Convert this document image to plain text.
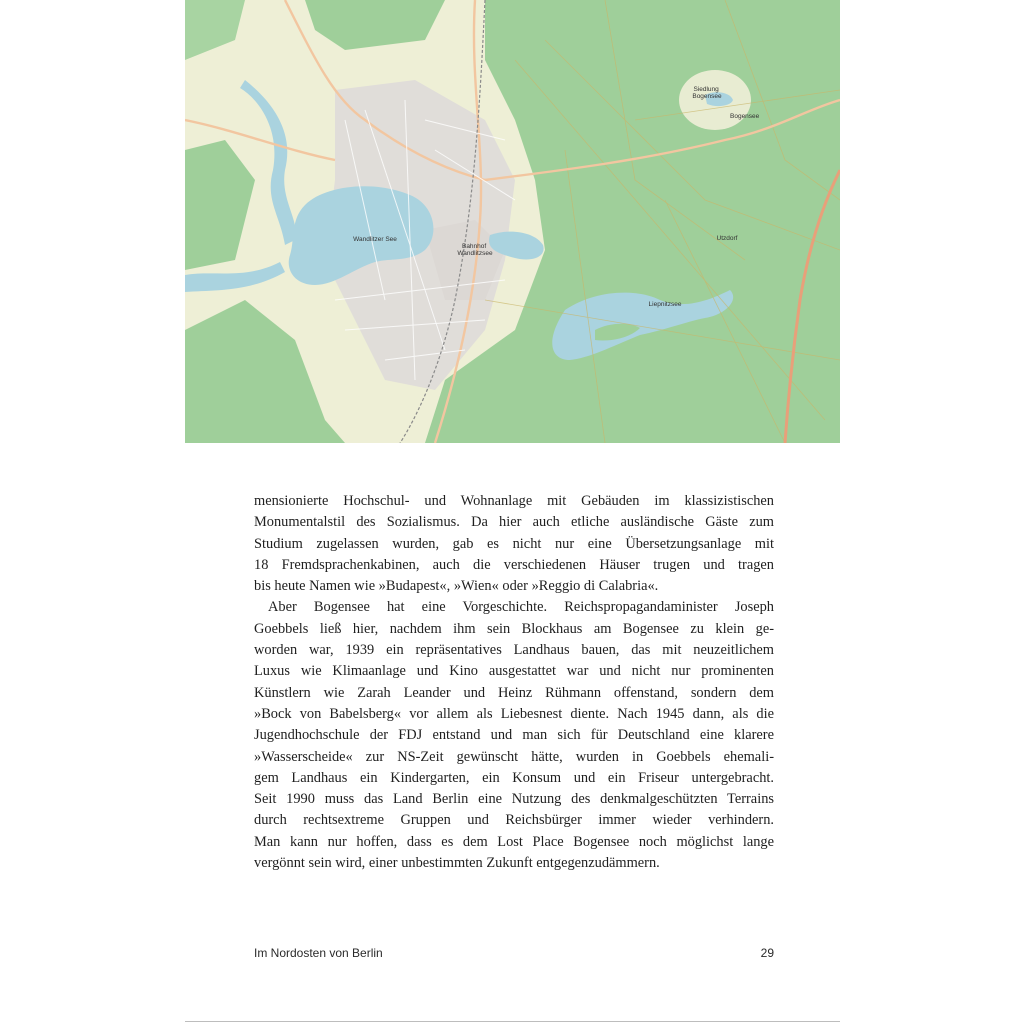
Siedlung Bogensee
Bogensee
Wandlitzer See
Bahnhof Wandlitzsee
Utzdorf
Liepnitzsee

mensionierte Hochschul- und Wohnanlage mit Gebäuden im klassizistischen

Monumentalstil des Sozialismus. Da hier auch etliche ausländische Gäste zum

Studium zugelassen wurden, gab es nicht nur eine Übersetzungsanlage mit

18 Fremdsprachenkabinen, auch die verschiedenen Häuser trugen und tragen

bis heute Namen wie »Budapest«, »Wien« oder »Reggio di Calabria«.

Aber Bogensee hat eine Vorgeschichte. Reichspropagandaminister Joseph

Goebbels ließ hier, nachdem ihm sein Blockhaus am Bogensee zu klein ge-

worden war, 1939 ein repräsentatives Landhaus bauen, das mit neuzeitlichem

Luxus wie Klimaanlage und Kino ausgestattet war und nicht nur prominenten

Künstlern wie Zarah Leander und Heinz Rühmann offenstand, sondern dem

»Bock von Babelsberg« vor allem als Liebesnest diente. Nach 1945 dann, als die

Jugendhochschule der FDJ entstand und man sich für Deutschland eine klarere

»Wasserscheide« zur NS-Zeit gewünscht hätte, wurden in Goebbels ehemali-

gem Landhaus ein Kindergarten, ein Konsum und ein Friseur untergebracht.

Seit 1990 muss das Land Berlin eine Nutzung des denkmalgeschützten Terrains

durch rechtsextreme Gruppen und Reichsbürger immer wieder verhindern.

Man kann nur hoffen, dass es dem Lost Place Bogensee noch möglichst lange

vergönnt sein wird, einer unbestimmten Zukunft entgegenzudämmern.

Im Nordosten von Berlin	29
